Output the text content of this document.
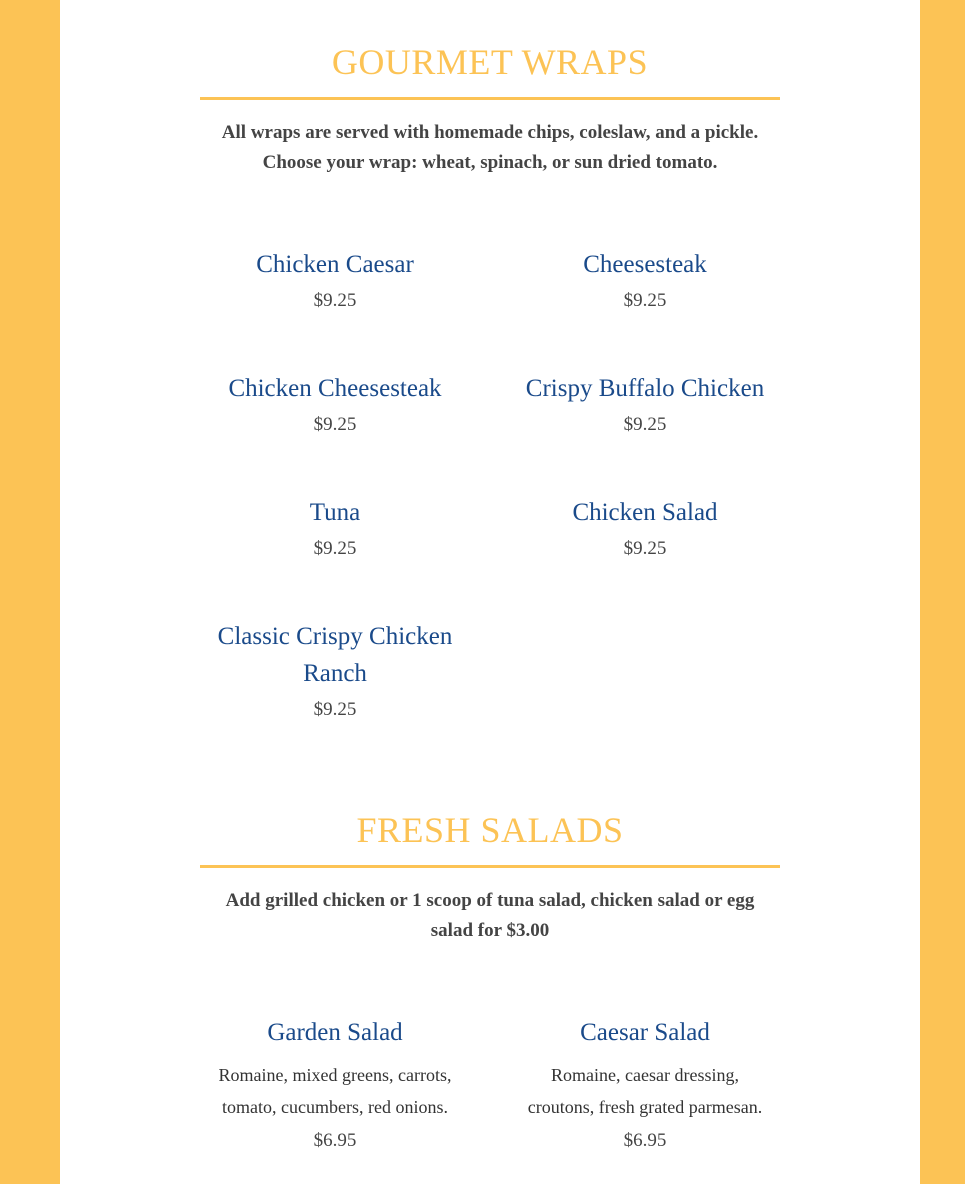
GOURMET WRAPS
All wraps are served with homemade chips, coleslaw, and a pickle.
Choose your wrap: wheat, spinach, or sun dried tomato.
Chicken Caesar
$9.25
Cheesesteak
$9.25
Chicken Cheesesteak
$9.25
Crispy Buffalo Chicken
$9.25
Tuna
$9.25
Chicken Salad
$9.25
Classic Crispy Chicken
Ranch
$9.25
FRESH SALADS
Add grilled chicken or 1 scoop of tuna salad, chicken salad or egg
salad for $3.00
Garden Salad
Romaine, mixed greens, carrots,
tomato, cucumbers, red onions.
$6.95
Caesar Salad
Romaine, caesar dressing,
croutons, fresh grated parmesan.
$6.95
